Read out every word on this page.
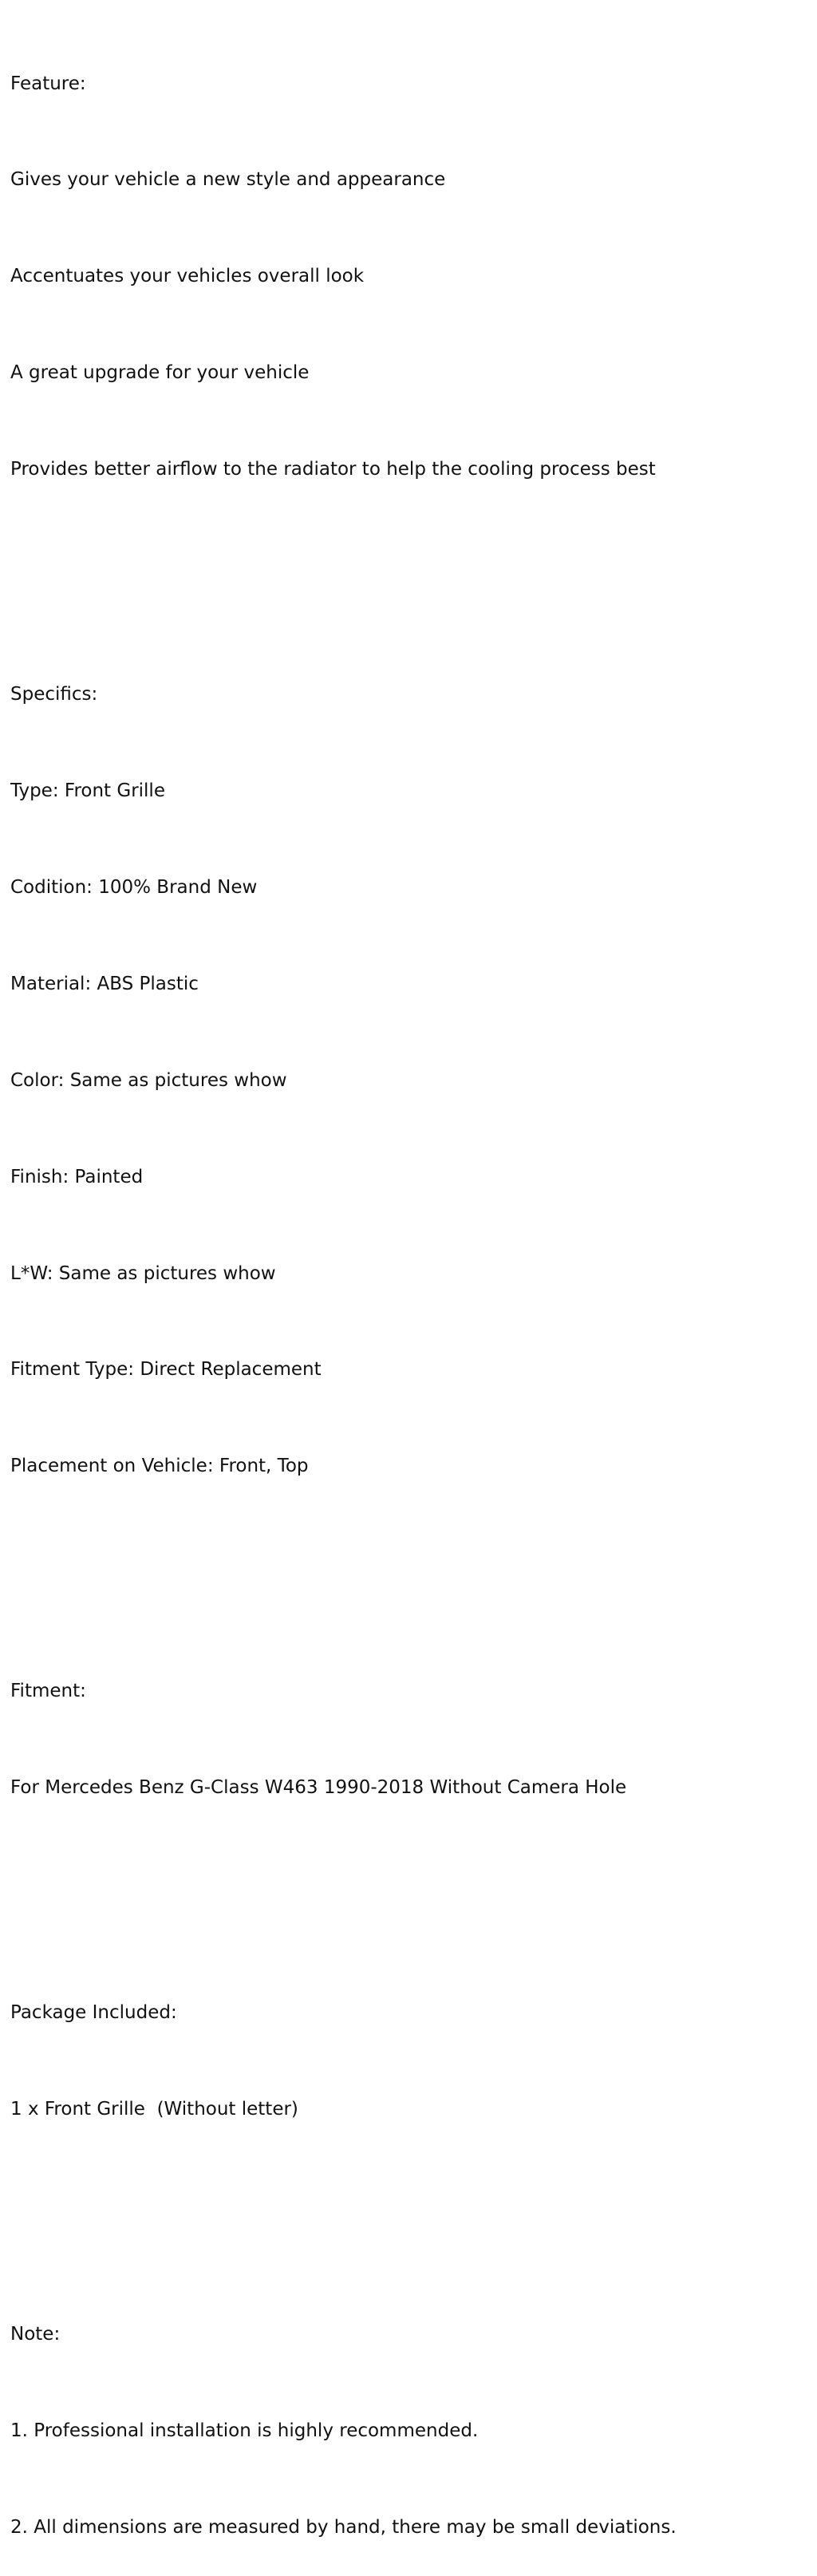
Feature:

Gives your vehicle a new style and appearance

Accentuates your vehicles overall look

A great upgrade for your vehicle

Provides better airflow to the radiator to help the cooling process best

Specifics:

Type: Front Grille

Codition: 100% Brand New

Material: ABS Plastic

Color: Same as pictures whow

Finish: Painted

L*W: Same as pictures whow

Fitment Type: Direct Replacement

Placement on Vehicle: Front, Top

Fitment:

For Mercedes Benz G-Class W463 1990-2018 Without Camera Hole

Package Included:

1 x Front Grille  (Without letter)

Note:

1. Professional installation is highly recommended.

2. All dimensions are measured by hand, there may be small deviations.
